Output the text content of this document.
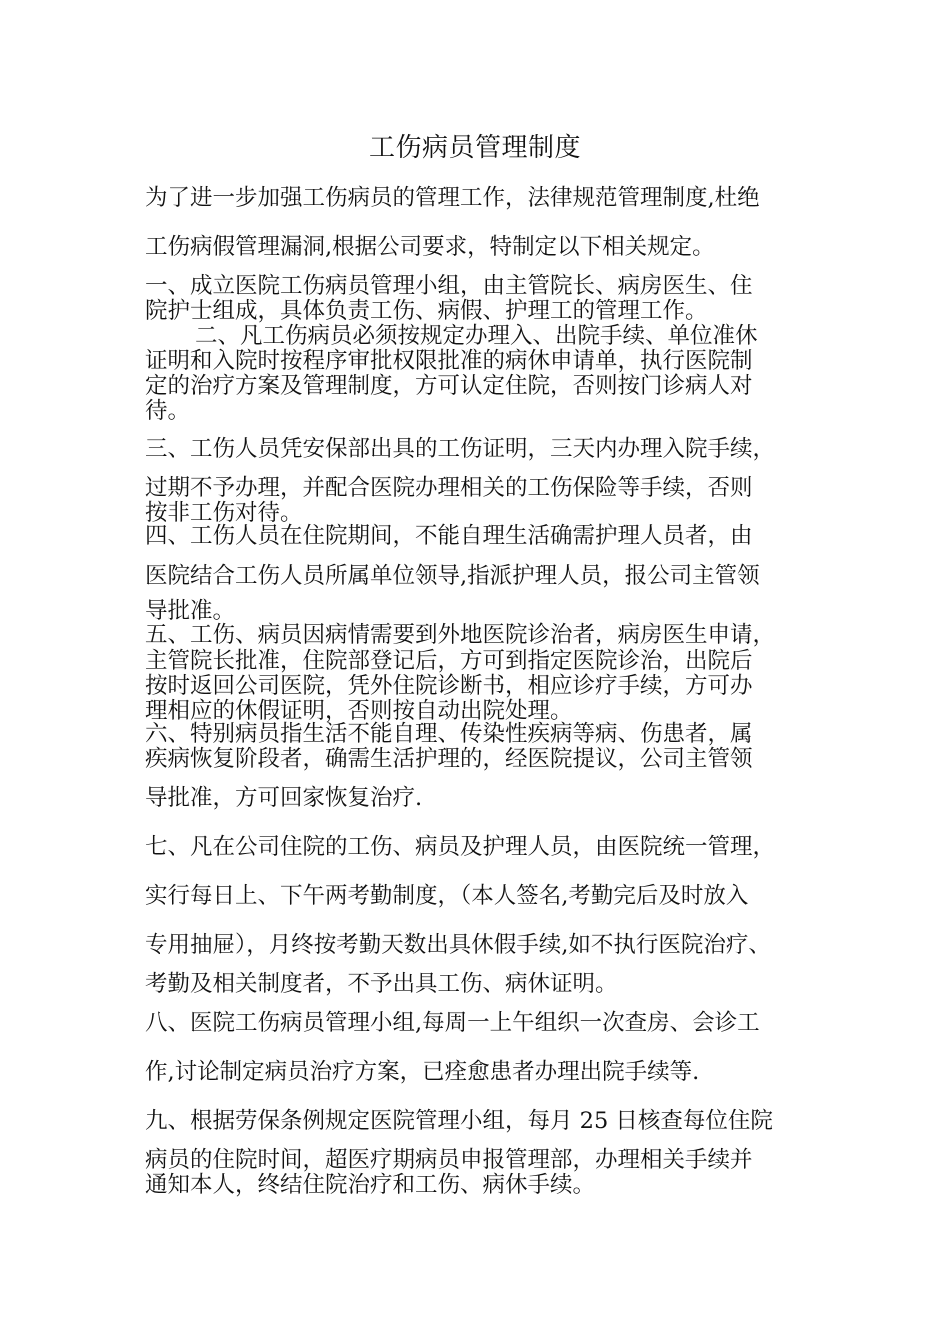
工伤病员管理制度
为了进一步加强工伤病员的管理工作，法律规范管理制度,杜绝
工伤病假管理漏洞,根据公司要求，特制定以下相关规定。
一、成立医院工伤病员管理小组，由主管院长、病房医生、住
院护士组成，具体负责工伤、病假、护理工的管理工作。
二、凡工伤病员必须按规定办理入、出院手续、单位准休
证明和入院时按程序审批权限批准的病休申请单，执行医院制
定的治疗方案及管理制度，方可认定住院，否则按门诊病人对
待。
三、工伤人员凭安保部出具的工伤证明，三天内办理入院手续，
过期不予办理，并配合医院办理相关的工伤保险等手续，否则
按非工伤对待。
四、工伤人员在住院期间，不能自理生活确需护理人员者，由
医院结合工伤人员所属单位领导,指派护理人员，报公司主管领
导批准。
五、工伤、病员因病情需要到外地医院诊治者，病房医生申请，
主管院长批准，住院部登记后，方可到指定医院诊治，出院后
按时返回公司医院，凭外住院诊断书，相应诊疗手续，方可办
理相应的休假证明，否则按自动出院处理。
六、特别病员指生活不能自理、传染性疾病等病、伤患者，属
疾病恢复阶段者，确需生活护理的，经医院提议，公司主管领
导批准，方可回家恢复治疗.
七、凡在公司住院的工伤、病员及护理人员，由医院统一管理，
实行每日上、下午两考勤制度，（本人签名,考勤完后及时放入
专用抽屉），月终按考勤天数出具休假手续,如不执行医院治疗、
考勤及相关制度者，不予出具工伤、病休证明。
八、医院工伤病员管理小组,每周一上午组织一次查房、会诊工
作,讨论制定病员治疗方案，已痊愈患者办理出院手续等.
九、根据劳保条例规定医院管理小组，每月 25 日核查每位住院
病员的住院时间，超医疗期病员申报管理部，办理相关手续并
通知本人，终结住院治疗和工伤、病休手续。
